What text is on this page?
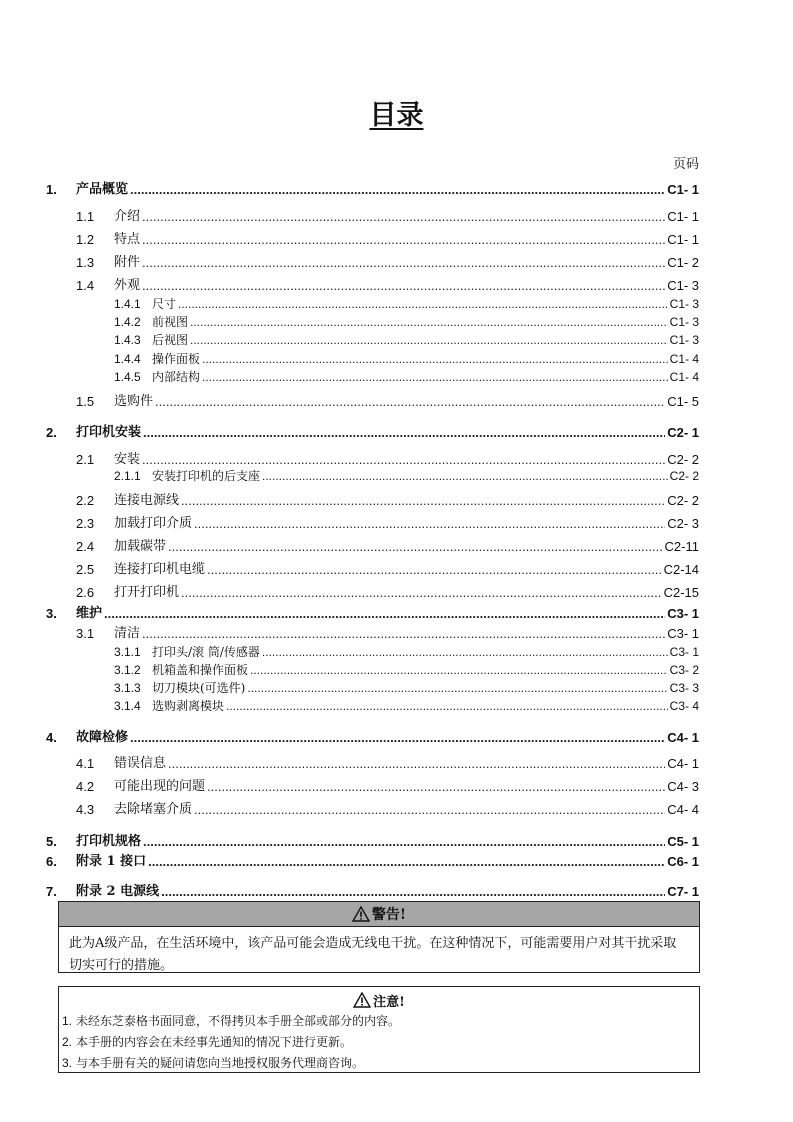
目录
页码
1.	产品概览 .....	C1- 1
1.1	介绍 .....	C1- 1
1.2	特点 .....	C1- 1
1.3	附件 .....	C1- 2
1.4	外观 .....	C1- 3
1.4.1 尺寸 .....	C1- 3
1.4.2 前视图 .....	C1- 3
1.4.3 后视图 .....	C1- 3
1.4.4 操作面板 .....	C1- 4
1.4.5 内部结构 .....	C1- 4
1.5	选购件 .....	C1- 5
2.	打印机安装 .....	C2- 1
2.1	安装 .....	C2- 2
2.1.1 安装打印机的后支座 .....	C2- 2
2.2	连接电源线 .....	C2- 2
2.3	加载打印介质 .....	C2- 3
2.4	加载碳带 .....	C2-11
2.5	连接打印机电缆 .....	C2-14
2.6	打开打印机 .....	C2-15
3.	维护 .....	C3- 1
3.1	清洁 .....	C3- 1
3.1.1 打印头/滚 筒/传感器 .....	C3- 1
3.1.2 机箱盖和操作面板 .....	C3- 2
3.1.3 切刀模块(可选件) .....	C3- 3
3.1.4 选购剥离模块 .....	C3- 4
4.	故障检修 .....	C4- 1
4.1	错误信息 .....	C4- 1
4.2	可能出现的问题 .....	C4- 3
4.3	去除堵塞介质 .....	C4- 4
5.	打印机规格 .....	C5- 1
6.	附录 1 接口 .....	C6- 1
7.	附录 2 电源线 .....	C7- 1
警告!
此为A级产品，在生活环境中，该产品可能会造成无线电干扰。在这种情况下，可能需要用户对其干扰采取切实可行的措施。
注意!
1. 未经东芝泰格书面同意，不得拷贝本手册全部或部分的内容。
2. 本手册的内容会在未经事先通知的情况下进行更新。
3. 与本手册有关的疑问请您向当地授权服务代理商咨询。
